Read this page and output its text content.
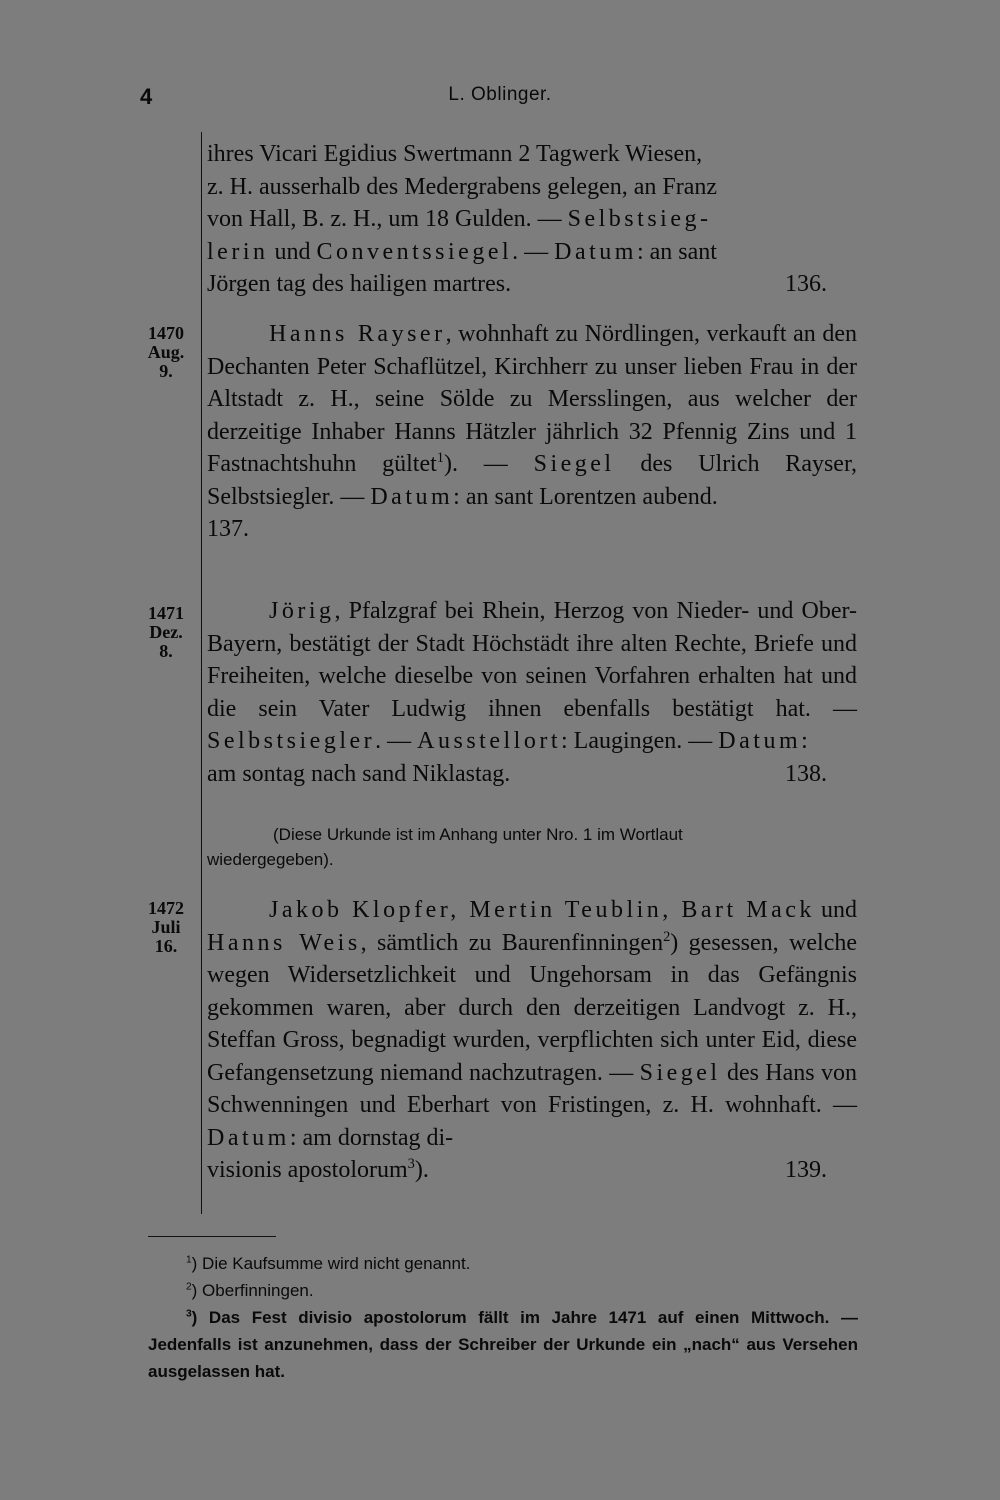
4	L. Oblinger.

ihres Vicari Egidius Swertmann 2 Tagwerk Wiesen,

z. H. ausserhalb des Medergrabens gelegen, an Franz

von Hall, B. z. H., um 18 Gulden. — Selbstsieg-

lerin und Conventssiegel. — Datum: an sant

Jörgen tag des hailigen martres.	136.

1470
Aug.
9.

Hanns Rayser, wohnhaft zu Nördlingen, verkauft an den Dechanten Peter Schaflützel, Kirchherr zu unser lieben Frau in der Altstadt z. H., seine Sölde zu Mersslingen, aus welcher der derzeitige Inhaber Hanns Hätzler jährlich 32 Pfennig Zins und 1 Fastnachtshuhn gültet$^1$). — Siegel des Ulrich Rayser, Selbstsiegler. — Datum: an sant Lorentzen aubend.

137.

1471
Dez.
8.

Jörig, Pfalzgraf bei Rhein, Herzog von Nieder- und Ober-Bayern, bestätigt der Stadt Höchstädt ihre alten Rechte, Briefe und Freiheiten, welche dieselbe von seinen Vorfahren erhalten hat und die sein Vater Ludwig ihnen ebenfalls bestätigt hat. — Selbstsiegler. — Ausstellort: Laugingen. — Datum:

am sontag nach sand Niklastag.	138.

(Diese Urkunde ist im Anhang unter Nro. 1 im Wortlaut
wiedergegeben).
1472
Juli
16.

Jakob Klopfer, Mertin Teublin, Bart Mack und Hanns Weis, sämtlich zu Baurenfinningen$^2$) gesessen, welche wegen Widersetzlichkeit und Ungehorsam in das Gefängnis gekommen waren, aber durch den derzeitigen Landvogt z. H., Steffan Gross, begnadigt wurden, verpflichten sich unter Eid, diese Gefangensetzung niemand nachzutragen. — Siegel des Hans von Schwenningen und Eberhart von Fristingen, z. H. wohnhaft. — Datum: am dornstag di-

visionis apostolorum$^3$).	139.

$^1$) Die Kaufsumme wird nicht genannt.

$^2$) Oberfinningen.

$^3$) Das Fest divisio apostolorum fällt im Jahre 1471 auf einen Mittwoch. — Jedenfalls ist anzunehmen, dass der Schreiber der Urkunde ein „nach“ aus Versehen ausgelassen hat.
